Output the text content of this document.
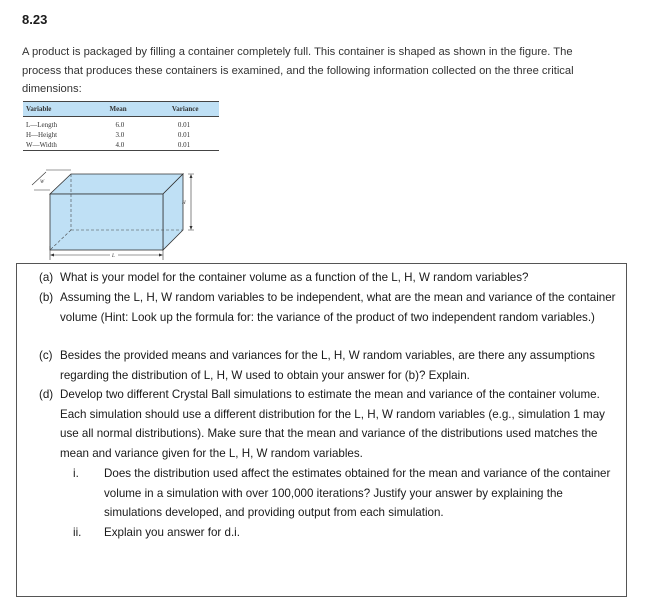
8.23
A product is packaged by filling a container completely full. This container is shaped as shown in the figure. The process that produces these containers is examined, and the following information collected on the three critical dimensions:
Variable	Mean	Variance

L—Length	6.0	0.01
H—Height	3.0	0.01
W—Width	4.0	0.01
W
H
L
(a) What is your model for the container volume as a function of the L, H, W random variables?
(b) Assuming the L, H, W random variables to be independent, what are the mean and variance of the container volume (Hint: Look up the formula for: the variance of the product of two independent random variables.)
(c) Besides the provided means and variances for the L, H, W random variables, are there any assumptions regarding the distribution of L, H, W used to obtain your answer for (b)? Explain.
(d) Develop two different Crystal Ball simulations to estimate the mean and variance of the container volume. Each simulation should use a different distribution for the L, H, W random variables (e.g., simulation 1 may use all normal distributions). Make sure that the mean and variance of the distributions used matches the mean and variance given for the L, H, W random variables.
i.	Does the distribution used affect the estimates obtained for the mean and variance of the container volume in a simulation with over 100,000 iterations? Justify your answer by explaining the simulations developed, and providing output from each simulation.
ii.	Explain you answer for d.i.
